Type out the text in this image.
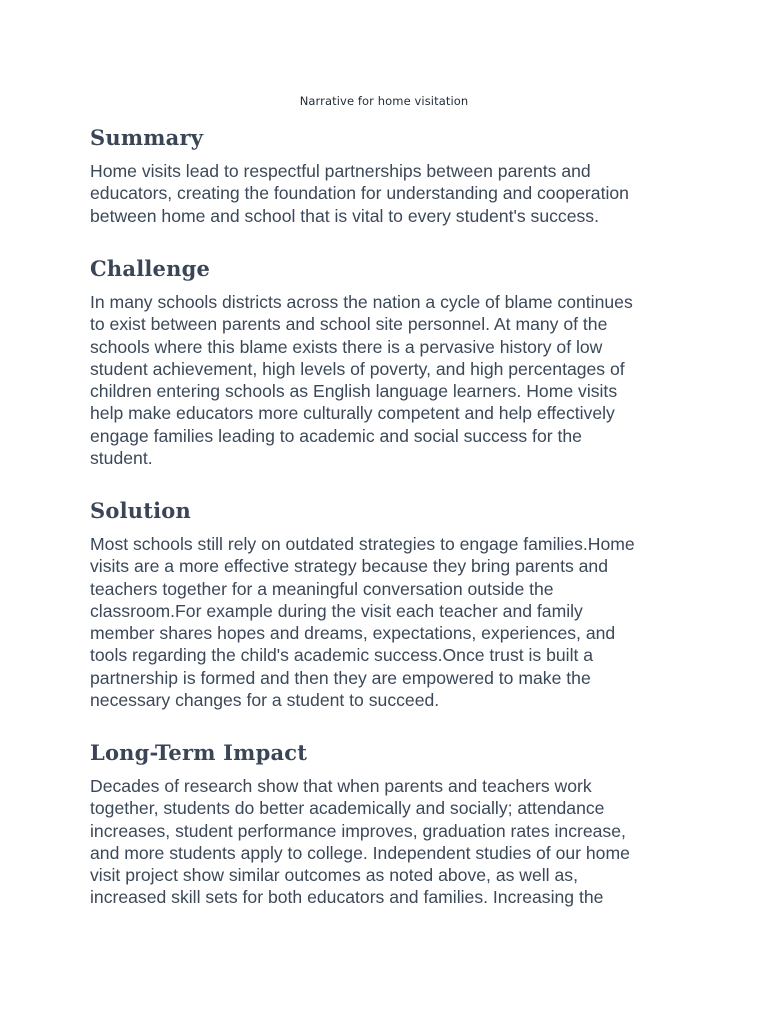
Narrative for home visitation
Summary

Home visits lead to respectful partnerships between parents and
educators, creating the foundation for understanding and cooperation
between home and school that is vital to every student's success.

Challenge

In many schools districts across the nation a cycle of blame continues
to exist between parents and school site personnel. At many of the
schools where this blame exists there is a pervasive history of low
student achievement, high levels of poverty, and high percentages of
children entering schools as English language learners. Home visits
help make educators more culturally competent and help effectively
engage families leading to academic and social success for the
student.

Solution

Most schools still rely on outdated strategies to engage families.Home
visits are a more effective strategy because they bring parents and
teachers together for a meaningful conversation outside the
classroom.For example during the visit each teacher and family
member shares hopes and dreams, expectations, experiences, and
tools regarding the child's academic success.Once trust is built a
partnership is formed and then they are empowered to make the
necessary changes for a student to succeed.

Long-Term Impact

Decades of research show that when parents and teachers work
together, students do better academically and socially; attendance
increases, student performance improves, graduation rates increase,
and more students apply to college. Independent studies of our home
visit project show similar outcomes as noted above, as well as,
increased skill sets for both educators and families. Increasing the
